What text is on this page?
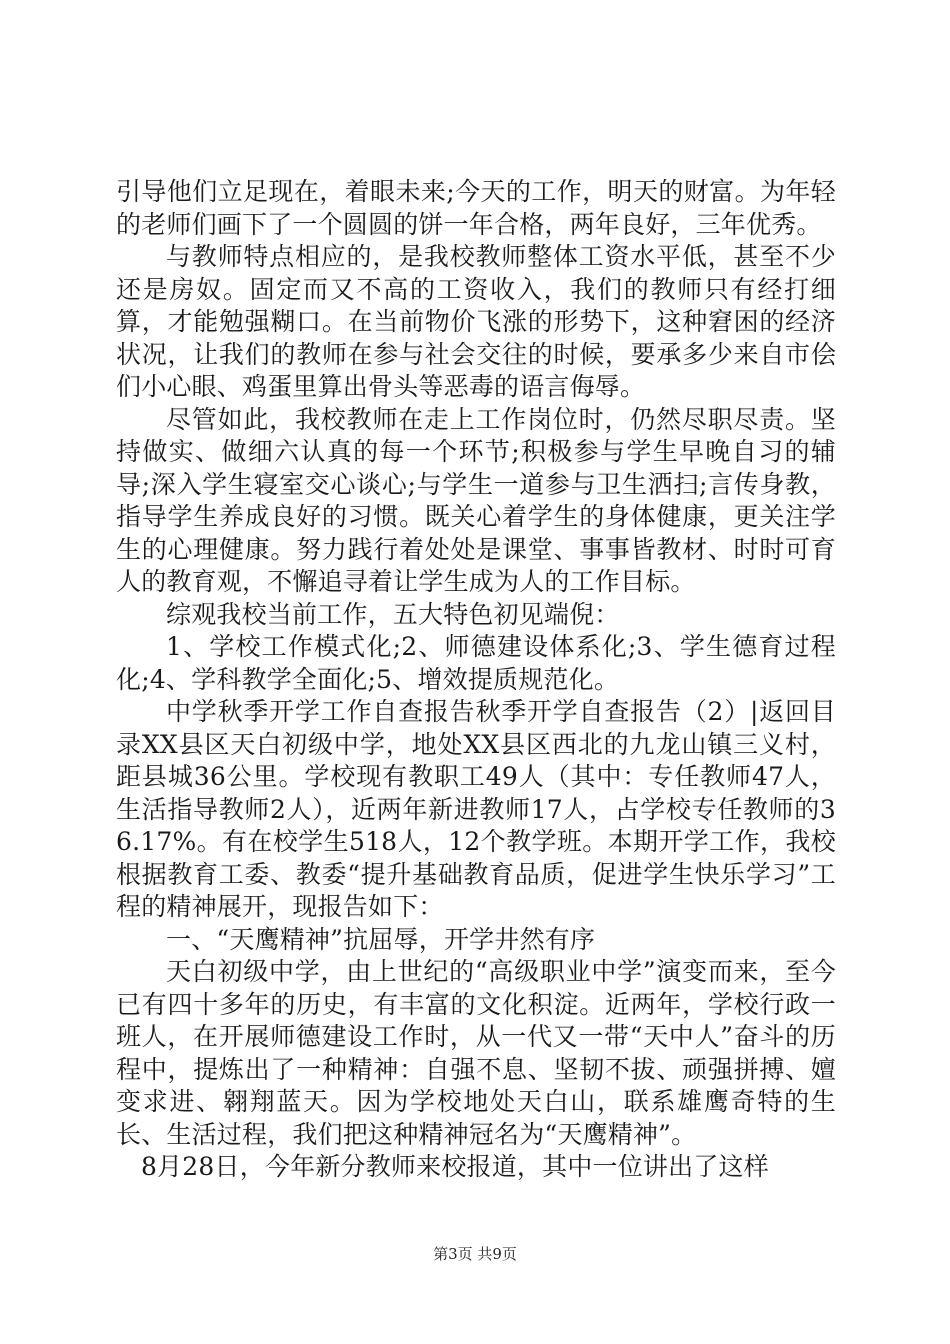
引导他们立足现在，着眼未来;今天的工作，明天的财富。为年轻的老师们画下了一个圆圆的饼一年合格，两年良好，三年优秀。

与教师特点相应的，是我校教师整体工资水平低，甚至不少还是房奴。固定而又不高的工资收入，我们的教师只有经打细算，才能勉强糊口。在当前物价飞涨的形势下，这种窘困的经济状况，让我们的教师在参与社会交往的时候，要承多少来自市侩们小心眼、鸡蛋里算出骨头等恶毒的语言侮辱。

尽管如此，我校教师在走上工作岗位时，仍然尽职尽责。坚持做实、做细六认真的每一个环节;积极参与学生早晚自习的辅导;深入学生寝室交心谈心;与学生一道参与卫生洒扫;言传身教，指导学生养成良好的习惯。既关心着学生的身体健康，更关注学生的心理健康。努力践行着处处是课堂、事事皆教材、时时可育人的教育观，不懈追寻着让学生成为人的工作目标。

综观我校当前工作，五大特色初见端倪：

1、学校工作模式化;2、师德建设体系化;3、学生德育过程化;4、学科教学全面化;5、增效提质规范化。

中学秋季开学工作自查报告秋季开学自查报告（2）|返回目录XX县区天白初级中学，地处XX县区西北的九龙山镇三义村，距县城36公里。学校现有教职工49人（其中：专任教师47人，生活指导教师2人），近两年新进教师17人，占学校专任教师的36.17%。有在校学生518人，12个教学班。本期开学工作，我校根据教育工委、教委“提升基础教育品质，促进学生快乐学习”工程的精神展开，现报告如下：

一、“天鹰精神”抗屈辱，开学井然有序

天白初级中学，由上世纪的“高级职业中学”演变而来，至今已有四十多年的历史，有丰富的文化积淀。近两年，学校行政一班人，在开展师德建设工作时，从一代又一带“天中人”奋斗的历程中，提炼出了一种精神：自强不息、坚韧不拔、顽强拼搏、嬗变求进、翱翔蓝天。因为学校地处天白山，联系雄鹰奇特的生长、生活过程，我们把这种精神冠名为“天鹰精神”。

8月28日，今年新分教师来校报道，其中一位讲出了这样

第3页 共9页
